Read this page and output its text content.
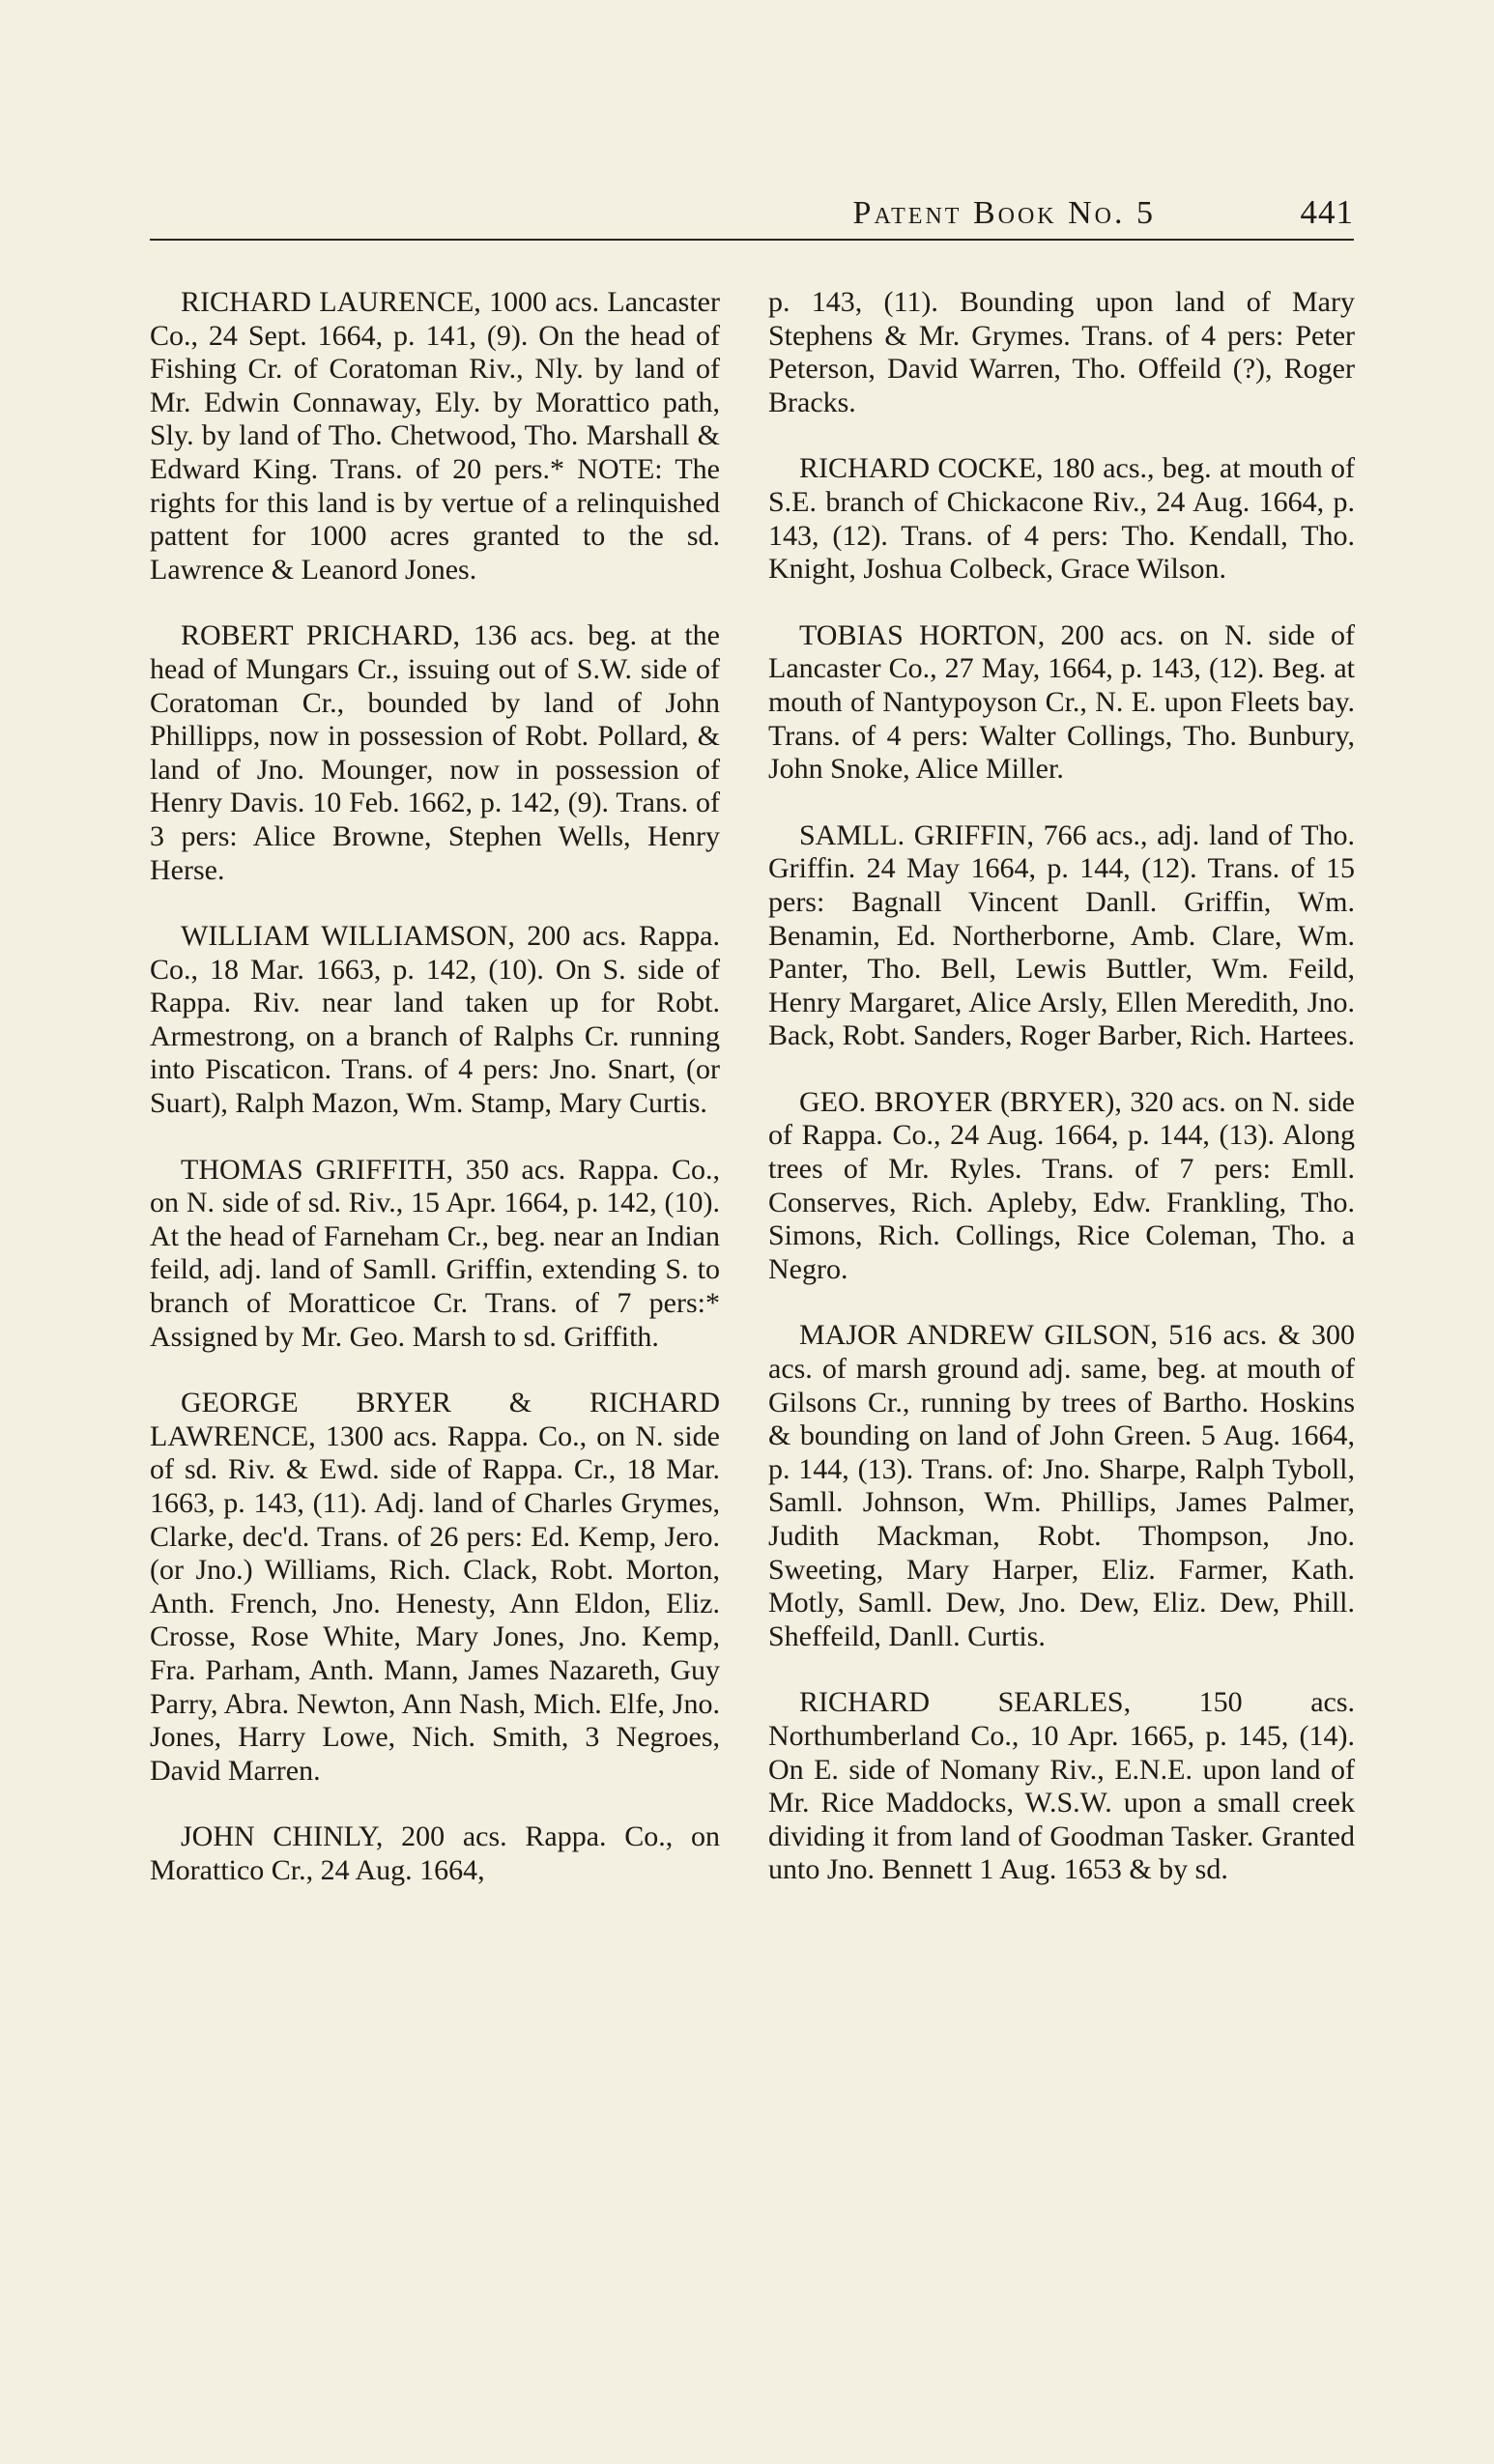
Patent Book No. 5	441

RICHARD LAURENCE, 1000 acs. Lancaster Co., 24 Sept. 1664, p. 141, (9). On the head of Fishing Cr. of Coratoman Riv., Nly. by land of Mr. Edwin Connaway, Ely. by Morattico path, Sly. by land of Tho. Chetwood, Tho. Marshall & Edward King. Trans. of 20 pers.* NOTE: The rights for this land is by vertue of a relinquished pattent for 1000 acres granted to the sd. Lawrence & Leanord Jones.

ROBERT PRICHARD, 136 acs. beg. at the head of Mungars Cr., issuing out of S.W. side of Coratoman Cr., bounded by land of John Phillipps, now in possession of Robt. Pollard, & land of Jno. Mounger, now in possession of Henry Davis. 10 Feb. 1662, p. 142, (9). Trans. of 3 pers: Alice Browne, Stephen Wells, Henry Herse.

WILLIAM WILLIAMSON, 200 acs. Rappa. Co., 18 Mar. 1663, p. 142, (10). On S. side of Rappa. Riv. near land taken up for Robt. Armestrong, on a branch of Ralphs Cr. running into Piscaticon. Trans. of 4 pers: Jno. Snart, (or Suart), Ralph Mazon, Wm. Stamp, Mary Curtis.

THOMAS GRIFFITH, 350 acs. Rappa. Co., on N. side of sd. Riv., 15 Apr. 1664, p. 142, (10). At the head of Farneham Cr., beg. near an Indian feild, adj. land of Samll. Griffin, extending S. to branch of Moratticoe Cr. Trans. of 7 pers:* Assigned by Mr. Geo. Marsh to sd. Griffith.

GEORGE BRYER & RICHARD LAWRENCE, 1300 acs. Rappa. Co., on N. side of sd. Riv. & Ewd. side of Rappa. Cr., 18 Mar. 1663, p. 143, (11). Adj. land of Charles Grymes, Clarke, dec'd. Trans. of 26 pers: Ed. Kemp, Jero. (or Jno.) Williams, Rich. Clack, Robt. Morton, Anth. French, Jno. Henesty, Ann Eldon, Eliz. Crosse, Rose White, Mary Jones, Jno. Kemp, Fra. Parham, Anth. Mann, James Nazareth, Guy Parry, Abra. Newton, Ann Nash, Mich. Elfe, Jno. Jones, Harry Lowe, Nich. Smith, 3 Negroes, David Marren.

JOHN CHINLY, 200 acs. Rappa. Co., on Morattico Cr., 24 Aug. 1664,

p. 143, (11). Bounding upon land of Mary Stephens & Mr. Grymes. Trans. of 4 pers: Peter Peterson, David Warren, Tho. Offeild (?), Roger Bracks.

RICHARD COCKE, 180 acs., beg. at mouth of S.E. branch of Chickacone Riv., 24 Aug. 1664, p. 143, (12). Trans. of 4 pers: Tho. Kendall, Tho. Knight, Joshua Colbeck, Grace Wilson.

TOBIAS HORTON, 200 acs. on N. side of Lancaster Co., 27 May, 1664, p. 143, (12). Beg. at mouth of Nantypoyson Cr., N. E. upon Fleets bay. Trans. of 4 pers: Walter Collings, Tho. Bunbury, John Snoke, Alice Miller.

SAMLL. GRIFFIN, 766 acs., adj. land of Tho. Griffin. 24 May 1664, p. 144, (12). Trans. of 15 pers: Bagnall Vincent Danll. Griffin, Wm. Benamin, Ed. Northerborne, Amb. Clare, Wm. Panter, Tho. Bell, Lewis Buttler, Wm. Feild, Henry Margaret, Alice Arsly, Ellen Meredith, Jno. Back, Robt. Sanders, Roger Barber, Rich. Hartees.

GEO. BROYER (BRYER), 320 acs. on N. side of Rappa. Co., 24 Aug. 1664, p. 144, (13). Along trees of Mr. Ryles. Trans. of 7 pers: Emll. Conserves, Rich. Apleby, Edw. Frankling, Tho. Simons, Rich. Collings, Rice Coleman, Tho. a Negro.

MAJOR ANDREW GILSON, 516 acs. & 300 acs. of marsh ground adj. same, beg. at mouth of Gilsons Cr., running by trees of Bartho. Hoskins & bounding on land of John Green. 5 Aug. 1664, p. 144, (13). Trans. of: Jno. Sharpe, Ralph Tyboll, Samll. Johnson, Wm. Phillips, James Palmer, Judith Mackman, Robt. Thompson, Jno. Sweeting, Mary Harper, Eliz. Farmer, Kath. Motly, Samll. Dew, Jno. Dew, Eliz. Dew, Phill. Sheffeild, Danll. Curtis.

RICHARD SEARLES, 150 acs. Northumberland Co., 10 Apr. 1665, p. 145, (14). On E. side of Nomany Riv., E.N.E. upon land of Mr. Rice Maddocks, W.S.W. upon a small creek dividing it from land of Goodman Tasker. Granted unto Jno. Bennett 1 Aug. 1653 & by sd.
